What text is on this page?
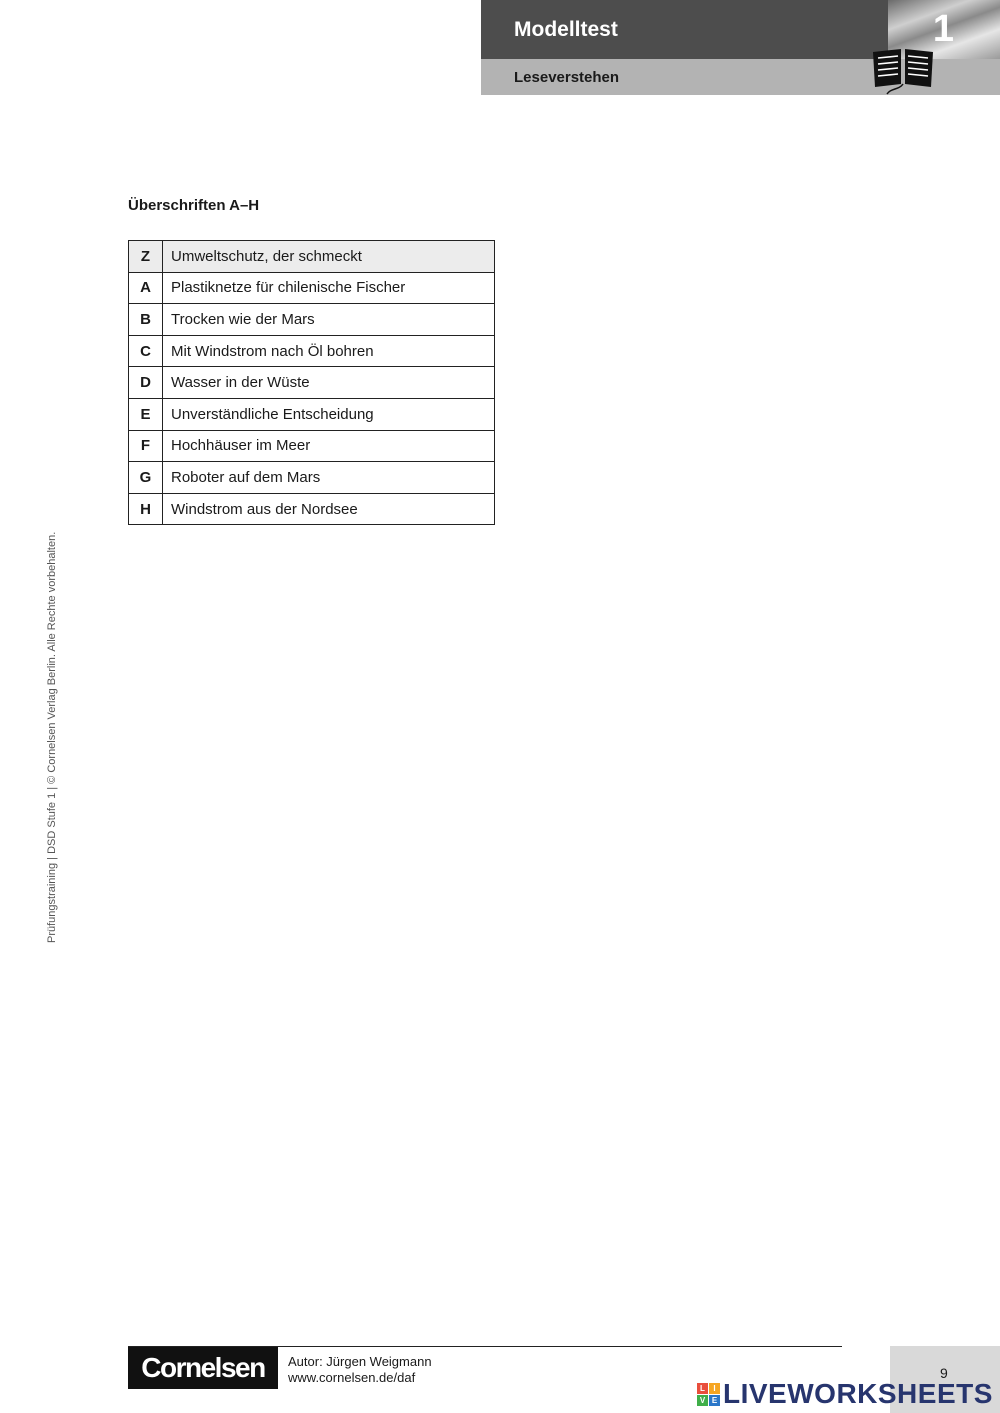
Modelltest	1
Leseverstehen
Prüfungstraining | DSD Stufe 1 | © Cornelsen Verlag Berlin. Alle Rechte vorbehalten.
Überschriften A–H
Z	Umweltschutz, der schmeckt
A	Plastiknetze für chilenische Fischer
B	Trocken wie der Mars
C	Mit Windstrom nach Öl bohren
D	Wasser in der Wüste
E	Unverständliche Entscheidung
F	Hochhäuser im Meer
G	Roboter auf dem Mars
H	Windstrom aus der Nordsee
Cornelsen	Autor: Jürgen Weigmann
www.cornelsen.de/daf	9
L	I
V E LIVEWORKSHEETS
